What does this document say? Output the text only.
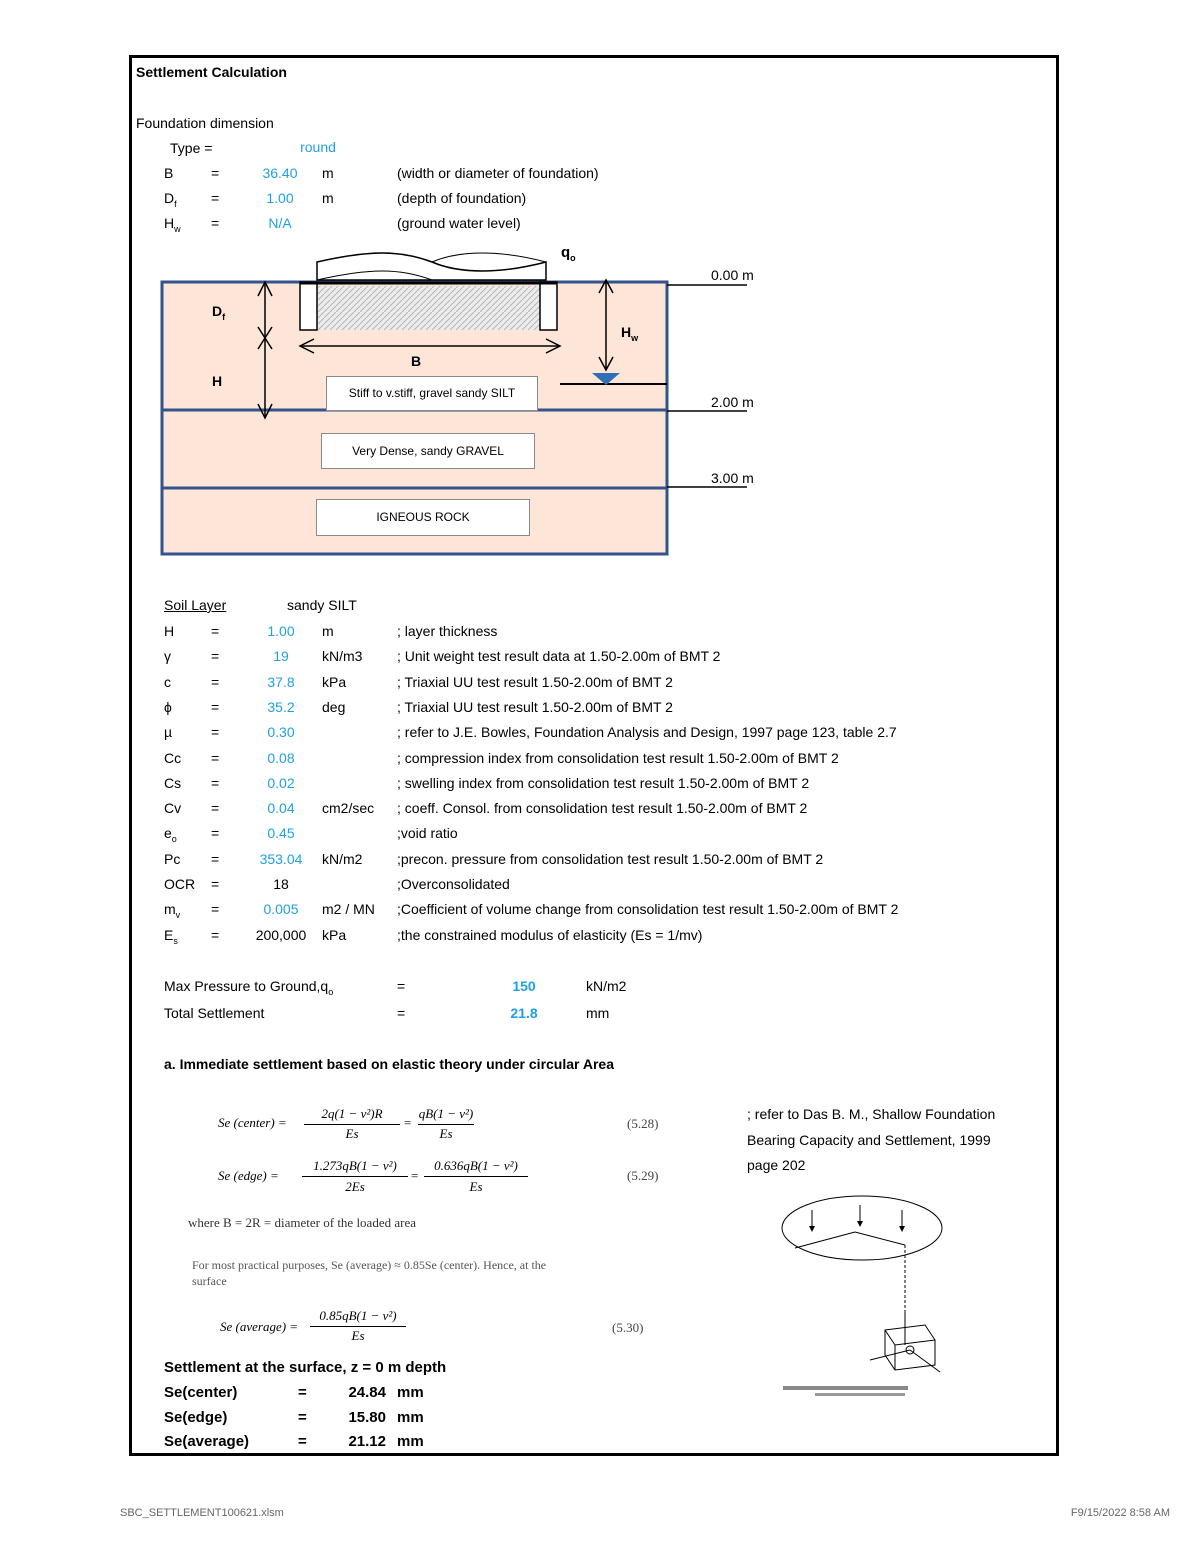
Settlement Calculation
Foundation dimension
Type =	round
B	=	36.40	m	(width or diameter of foundation)
$D_f$ =	1.00	m	(depth of foundation)
$H_w$ =	N/A	(ground water level)
$q_o$
$D_f$
H
B
$H_w$
0.00 m
2.00 m
3.00 m
Stiff to v.stiff, gravel sandy SILT
Very Dense, sandy GRAVEL
IGNEOUS ROCK
Soil Layer	sandy SILT
H	=	1.00	m	; layer thickness
γ	=	19	kN/m3 ; Unit weight test result data at 1.50-2.00m of BMT 2
c	=	37.8	kPa	; Triaxial UU test result 1.50-2.00m of BMT 2
ϕ	=	35.2	deg	; Triaxial UU test result 1.50-2.00m of BMT 2
µ	=	0.30	; refer to J.E. Bowles, Foundation Analysis and Design, 1997 page 123, table 2.7
Cc =	0.08	; compression index from consolidation test result 1.50-2.00m of BMT 2
Cs =	0.02	; swelling index from consolidation test result 1.50-2.00m of BMT 2
Cv =	0.04	cm2/sec ; coeff. Consol. from consolidation test result 1.50-2.00m of BMT 2
$e_o$ =	0.45	;void ratio
Pc =	353.04	kN/m2 ;precon. pressure from consolidation test result 1.50-2.00m of BMT 2
OCR =	18	;Overconsolidated
$m_v$ =	0.005	m2 / MN ;Coefficient of volume change from consolidation test result 1.50-2.00m of BMT 2
$E_s$ =	200,000	kPa	;the constrained modulus of elasticity (Es = 1/mv)
Max Pressure to $Ground,q_o$	=	150	kN/m2
Total Settlement	=	21.8	mm
a. Immediate settlement based on elastic theory under circular Area
; refer to Das B. M., Shallow Foundation
Bearing Capacity and Settlement, 1999
page 202
Se (center) =
2q(1 − v²)R
Es
=
qB(1 − v²)
Es
(5.28)
Se (edge) =
1.273qB(1 − v²)
2Es
=
0.636qB(1 − v²)
Es
(5.29)
where B = 2R = diameter of the loaded area
For most practical purposes, Se (average) ≈ 0.85Se (center). Hence, at the
surface
Se (average) =
0.85qB(1 − v²)
Es
(5.30)
Settlement at the surface, z = 0 m depth
Se(center)	=	24.84 mm
Se(edge)	=	15.80 mm
Se(average)	=	21.12 mm
SBC_SETTLEMENT100621.xlsm	F9/15/2022 8:58 AM
